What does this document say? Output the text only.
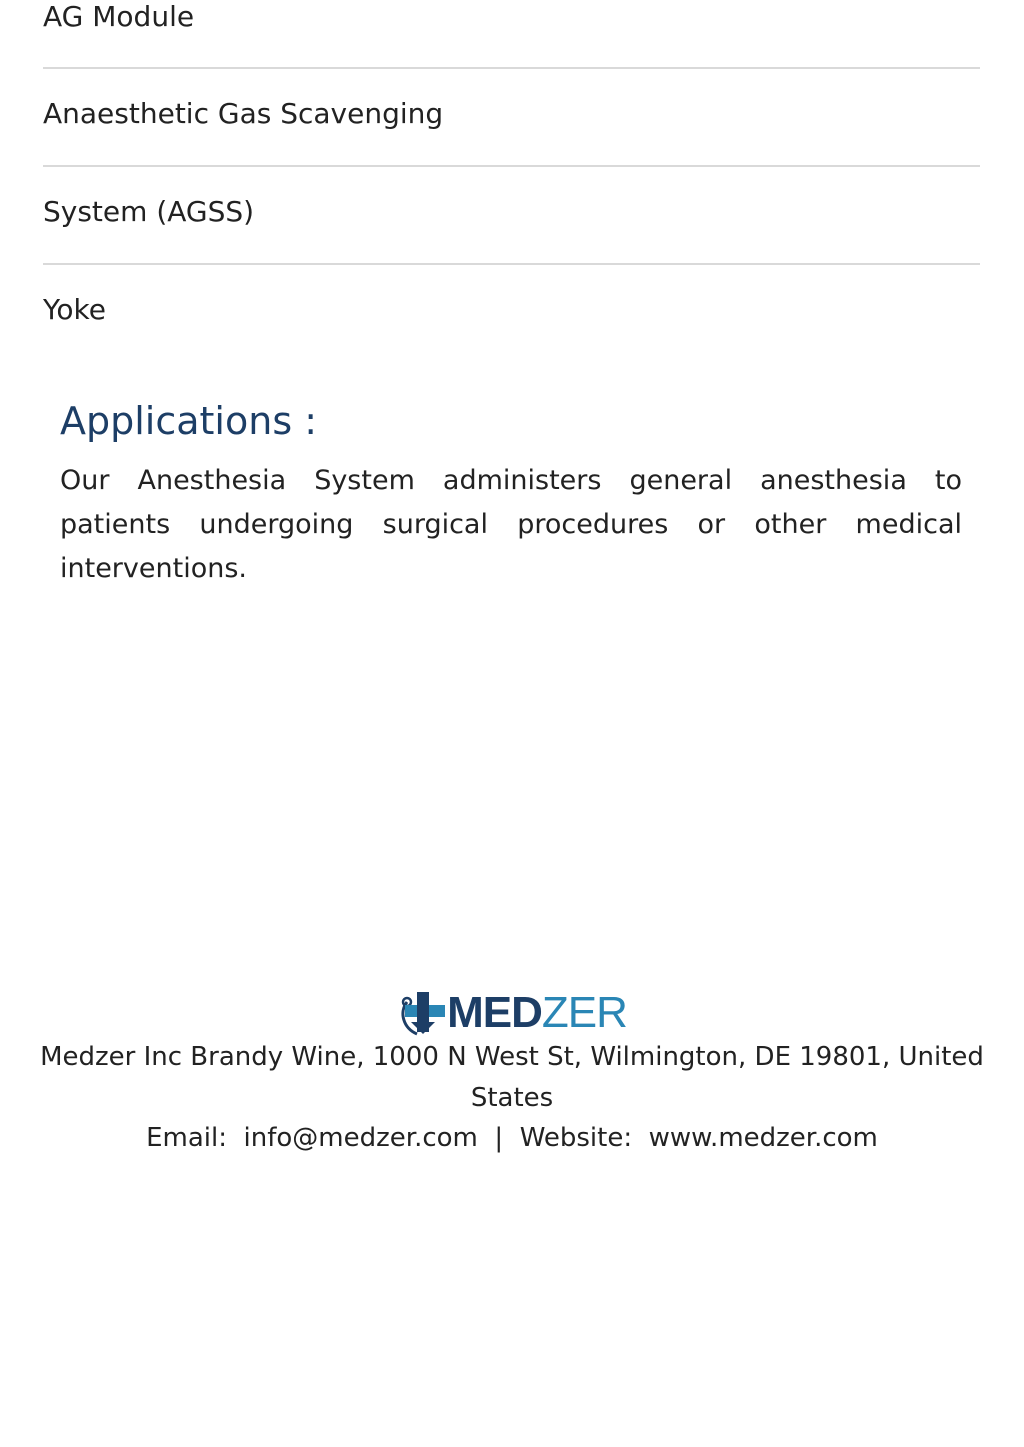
AG Module
Anaesthetic Gas Scavenging
System (AGSS)
Yoke
Applications :

Our Anesthesia System administers general anesthesia to patients undergoing surgical procedures or other medical interventions.

MEDZER
Medzer Inc Brandy Wine, 1000 N West St, Wilmington, DE 19801, United States
Email: info@medzer.com | Website: www.medzer.com
